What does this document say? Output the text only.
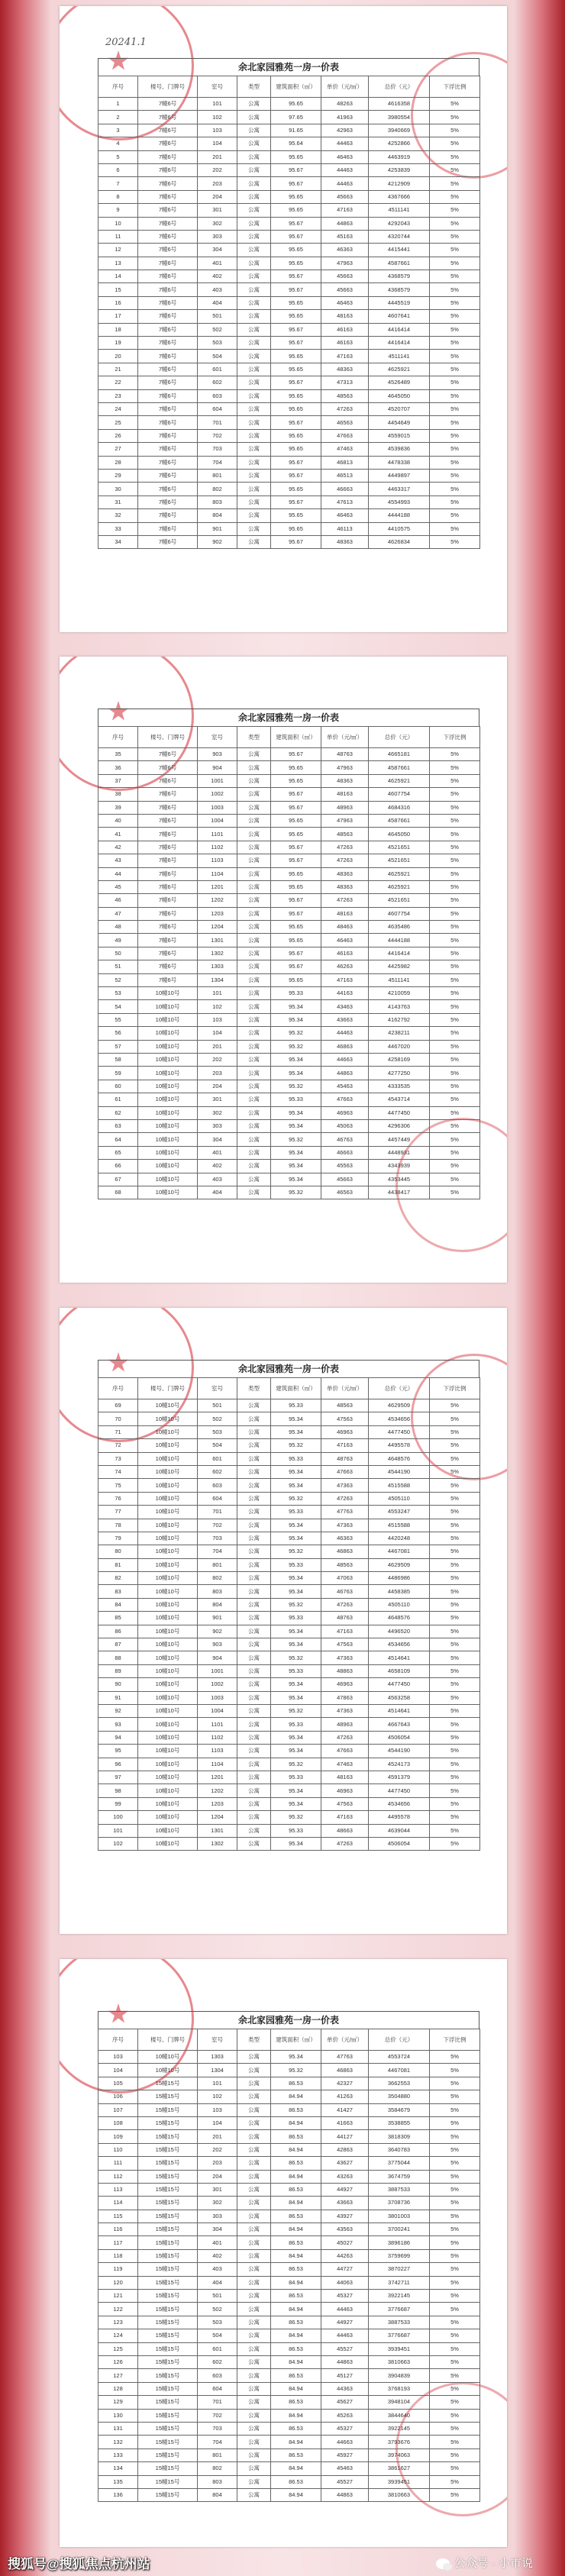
20241.1
余北家园雅苑一房一价表
序号	楼号、门牌号	室号	类型	建筑面积（㎡）	单价（元/㎡）	总价（元）	下浮比例
1	7幢6号	101	公寓	95.65	48263	4616358	5%
2	7幢6号	102	公寓	97.65	41963	3980554	5%
3	7幢6号	103	公寓	91.65	42963	3940669	5%
4	7幢6号	104	公寓	95.64	44463	4252866	5%
5	7幢6号	201	公寓	95.65	46463	4463919	5%
6	7幢6号	202	公寓	95.67	44463	4253839	5%
7	7幢6号	203	公寓	95.67	44463	4212909	5%
8	7幢6号	204	公寓	95.65	45663	4367666	5%
9	7幢6号	301	公寓	95.65	47163	4511141	5%
10	7幢6号	302	公寓	95.67	44863	4292043	5%
11	7幢6号	303	公寓	95.67	45163	4320744	5%
12	7幢6号	304	公寓	95.65	46363	4415441	5%
13	7幢6号	401	公寓	95.65	47963	4587661	5%
14	7幢6号	402	公寓	95.67	45663	4368579	5%
15	7幢6号	403	公寓	95.67	45663	4368579	5%
16	7幢6号	404	公寓	95.65	46463	4445519	5%
17	7幢6号	501	公寓	95.65	48163	4607641	5%
18	7幢6号	502	公寓	95.67	46163	4416414	5%
19	7幢6号	503	公寓	95.67	46163	4416414	5%
20	7幢6号	504	公寓	95.65	47163	4511141	5%
21	7幢6号	601	公寓	95.65	48363	4625921	5%
22	7幢6号	602	公寓	95.67	47313	4526489	5%
23	7幢6号	603	公寓	95.65	48563	4645050	5%
24	7幢6号	604	公寓	95.65	47263	4520707	5%
25	7幢6号	701	公寓	95.67	46563	4454649	5%
26	7幢6号	702	公寓	95.65	47663	4559015	5%
27	7幢6号	703	公寓	95.65	47463	4539836	5%
28	7幢6号	704	公寓	95.67	46813	4478338	5%
29	7幢6号	801	公寓	95.67	46513	4449897	5%
30	7幢6号	802	公寓	95.65	46663	4463317	5%
31	7幢6号	803	公寓	95.67	47613	4554993	5%
32	7幢6号	804	公寓	95.65	46463	4444188	5%
33	7幢6号	901	公寓	95.65	46113	4410575	5%
34	7幢6号	902	公寓	95.67	48363	4626834	5%
余北家园雅苑一房一价表
序号	楼号、门牌号	室号	类型	建筑面积（㎡）	单价（元/㎡）	总价（元）	下浮比例
35	7幢6号	903	公寓	95.67	48763	4665181	5%
36	7幢6号	904	公寓	95.65	47963	4587661	5%
37	7幢6号	1001	公寓	95.65	48363	4625921	5%
38	7幢6号	1002	公寓	95.67	48163	4607754	5%
39	7幢6号	1003	公寓	95.67	48963	4684316	5%
40	7幢6号	1004	公寓	95.65	47963	4587661	5%
41	7幢6号	1101	公寓	95.65	48563	4645050	5%
42	7幢6号	1102	公寓	95.67	47263	4521651	5%
43	7幢6号	1103	公寓	95.67	47263	4521651	5%
44	7幢6号	1104	公寓	95.65	48363	4625921	5%
45	7幢6号	1201	公寓	95.65	48363	4625921	5%
46	7幢6号	1202	公寓	95.67	47263	4521651	5%
47	7幢6号	1203	公寓	95.67	48163	4607754	5%
48	7幢6号	1204	公寓	95.65	48463	4635486	5%
49	7幢6号	1301	公寓	95.65	46463	4444188	5%
50	7幢6号	1302	公寓	95.67	46163	4416414	5%
51	7幢6号	1303	公寓	95.67	46263	4425982	5%
52	7幢6号	1304	公寓	95.65	47163	4511141	5%
53	10幢10号	101	公寓	95.33	44163	4210059	5%
54	10幢10号	102	公寓	95.34	43463	4143763	5%
55	10幢10号	103	公寓	95.34	43663	4162792	5%
56	10幢10号	104	公寓	95.32	44463	4238211	5%
57	10幢10号	201	公寓	95.32	46863	4467020	5%
58	10幢10号	202	公寓	95.34	44663	4258169	5%
59	10幢10号	203	公寓	95.34	44863	4277250	5%
60	10幢10号	204	公寓	95.32	45463	4333535	5%
61	10幢10号	301	公寓	95.33	47663	4543714	5%
62	10幢10号	302	公寓	95.34	46963	4477450	5%
63	10幢10号	303	公寓	95.34	45063	4296306	5%
64	10幢10号	304	公寓	95.32	46763	4457449	5%
65	10幢10号	401	公寓	95.34	46663	4448931	5%
66	10幢10号	402	公寓	95.34	45563	4343939	5%
67	10幢10号	403	公寓	95.34	45663	4353445	5%
68	10幢10号	404	公寓	95.32	46563	4438417	5%
余北家园雅苑一房一价表
序号	楼号、门牌号	室号	类型	建筑面积（㎡）	单价（元/㎡）	总价（元）	下浮比例
69	10幢10号	501	公寓	95.33	48563	4629509	5%
70	10幢10号	502	公寓	95.34	47563	4534656	5%
71	10幢10号	503	公寓	95.34	46963	4477450	5%
72	10幢10号	504	公寓	95.32	47163	4495578	5%
73	10幢10号	601	公寓	95.33	48763	4648576	5%
74	10幢10号	602	公寓	95.34	47663	4544190	5%
75	10幢10号	603	公寓	95.34	47363	4515588	5%
76	10幢10号	604	公寓	95.32	47263	4505110	5%
77	10幢10号	701	公寓	95.33	47763	4553247	5%
78	10幢10号	702	公寓	95.34	47363	4515588	5%
79	10幢10号	703	公寓	95.34	46363	4420248	5%
80	10幢10号	704	公寓	95.32	46863	4467081	5%
81	10幢10号	801	公寓	95.33	48563	4629509	5%
82	10幢10号	802	公寓	95.34	47063	4486986	5%
83	10幢10号	803	公寓	95.34	46763	4458385	5%
84	10幢10号	804	公寓	95.32	47263	4505110	5%
85	10幢10号	901	公寓	95.33	48763	4648576	5%
86	10幢10号	902	公寓	95.34	47163	4496520	5%
87	10幢10号	903	公寓	95.34	47563	4534656	5%
88	10幢10号	904	公寓	95.32	47363	4514641	5%
89	10幢10号	1001	公寓	95.33	48863	4658109	5%
90	10幢10号	1002	公寓	95.34	46963	4477450	5%
91	10幢10号	1003	公寓	95.34	47863	4563258	5%
92	10幢10号	1004	公寓	95.32	47363	4514641	5%
93	10幢10号	1101	公寓	95.33	48963	4667643	5%
94	10幢10号	1102	公寓	95.34	47263	4506054	5%
95	10幢10号	1103	公寓	95.34	47663	4544190	5%
96	10幢10号	1104	公寓	95.32	47463	4524173	5%
97	10幢10号	1201	公寓	95.33	48163	4591379	5%
98	10幢10号	1202	公寓	95.34	46963	4477450	5%
99	10幢10号	1203	公寓	95.34	47563	4534656	5%
100	10幢10号	1204	公寓	95.32	47163	4495578	5%
101	10幢10号	1301	公寓	95.33	48663	4639044	5%
102	10幢10号	1302	公寓	95.34	47263	4506054	5%
余北家园雅苑一房一价表
序号	楼号、门牌号	室号	类型	建筑面积（㎡）	单价（元/㎡）	总价（元）	下浮比例
103	10幢10号	1303	公寓	95.34	47763	4553724	5%
104	10幢10号	1304	公寓	95.32	46863	4467081	5%
105	15幢15号	101	公寓	86.53	42327	3662553	5%
106	15幢15号	102	公寓	84.94	41263	3504880	5%
107	15幢15号	103	公寓	86.53	41427	3584679	5%
108	15幢15号	104	公寓	84.94	41663	3538855	5%
109	15幢15号	201	公寓	86.53	44127	3818309	5%
110	15幢15号	202	公寓	84.94	42863	3640783	5%
111	15幢15号	203	公寓	86.53	43627	3775044	5%
112	15幢15号	204	公寓	84.94	43263	3674759	5%
113	15幢15号	301	公寓	86.53	44927	3887533	5%
114	15幢15号	302	公寓	84.94	43663	3708736	5%
115	15幢15号	303	公寓	86.53	43927	3801003	5%
116	15幢15号	304	公寓	84.94	43563	3700241	5%
117	15幢15号	401	公寓	86.53	45027	3896186	5%
118	15幢15号	402	公寓	84.94	44263	3759699	5%
119	15幢15号	403	公寓	86.53	44727	3870227	5%
120	15幢15号	404	公寓	84.94	44063	3742711	5%
121	15幢15号	501	公寓	86.53	45327	3922145	5%
122	15幢15号	502	公寓	84.94	44463	3776687	5%
123	15幢15号	503	公寓	86.53	44927	3887533	5%
124	15幢15号	504	公寓	84.94	44463	3776687	5%
125	15幢15号	601	公寓	86.53	45527	3939451	5%
126	15幢15号	602	公寓	84.94	44863	3810663	5%
127	15幢15号	603	公寓	86.53	45127	3904839	5%
128	15幢15号	604	公寓	84.94	44363	3768193	5%
129	15幢15号	701	公寓	86.53	45627	3948104	5%
130	15幢15号	702	公寓	84.94	45263	3844640	5%
131	15幢15号	703	公寓	86.53	45327	3922145	5%
132	15幢15号	704	公寓	84.94	44663	3793676	5%
133	15幢15号	801	公寓	86.53	45927	3974063	5%
134	15幢15号	802	公寓	84.94	45463	3861627	5%
135	15幢15号	803	公寓	86.53	45527	3939451	5%
136	15幢15号	804	公寓	84.94	44863	3810663	5%
搜狐号@搜狐焦点杭州站	公众号 · 小市说
